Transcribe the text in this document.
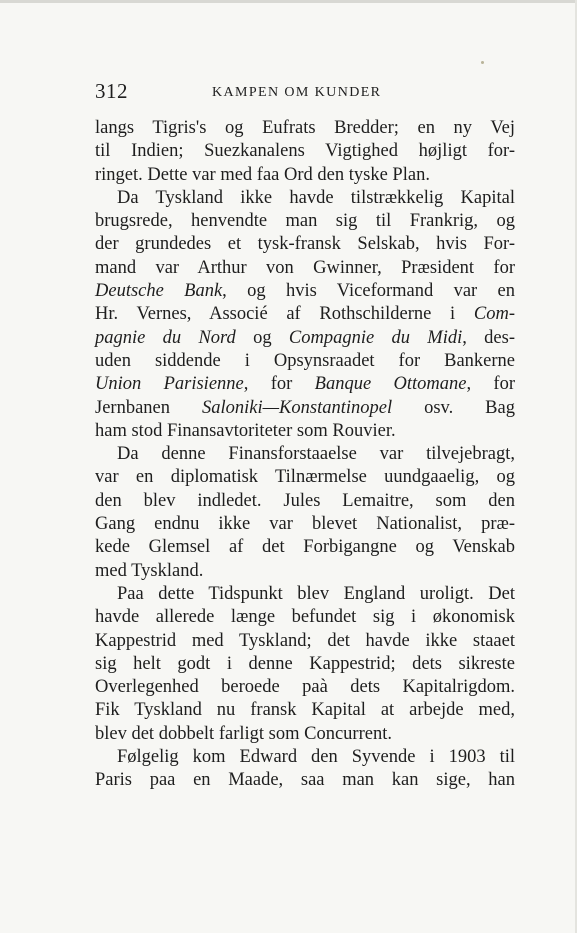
312	KAMPEN OM KUNDER
langs Tigris's og Eufrats Bredder; en ny Vej
til Indien; Suezkanalens Vigtighed højligt for-
ringet. Dette var med faa Ord den tyske Plan.
Da Tyskland ikke havde tilstrækkelig Kapital
brugsrede, henvendte man sig til Frankrig, og
der grundedes et tysk-fransk Selskab, hvis For-
mand var Arthur von Gwinner, Præsident for
Deutsche Bank, og hvis Viceformand var en
Hr. Vernes, Associé af Rothschilderne i Com-
pagnie du Nord og Compagnie du Midi, des-
uden siddende i Opsynsraadet for Bankerne
Union Parisienne, for Banque Ottomane, for
Jernbanen Saloniki—Konstantinopel osv. Bag
ham stod Finansavtoriteter som Rouvier.
Da denne Finansforstaaelse var tilvejebragt,
var en diplomatisk Tilnærmelse uundgaaelig, og
den blev indledet. Jules Lemaitre, som den
Gang endnu ikke var blevet Nationalist, præ-
kede Glemsel af det Forbigangne og Venskab
med Tyskland.
Paa dette Tidspunkt blev England uroligt. Det
havde allerede længe befundet sig i økonomisk
Kappestrid med Tyskland; det havde ikke staaet
sig helt godt i denne Kappestrid; dets sikreste
Overlegenhed beroede paà dets Kapitalrigdom.
Fik Tyskland nu fransk Kapital at arbejde med,
blev det dobbelt farligt som Concurrent.
Følgelig kom Edward den Syvende i 1903 til
Paris paa en Maade, saa man kan sige, han
